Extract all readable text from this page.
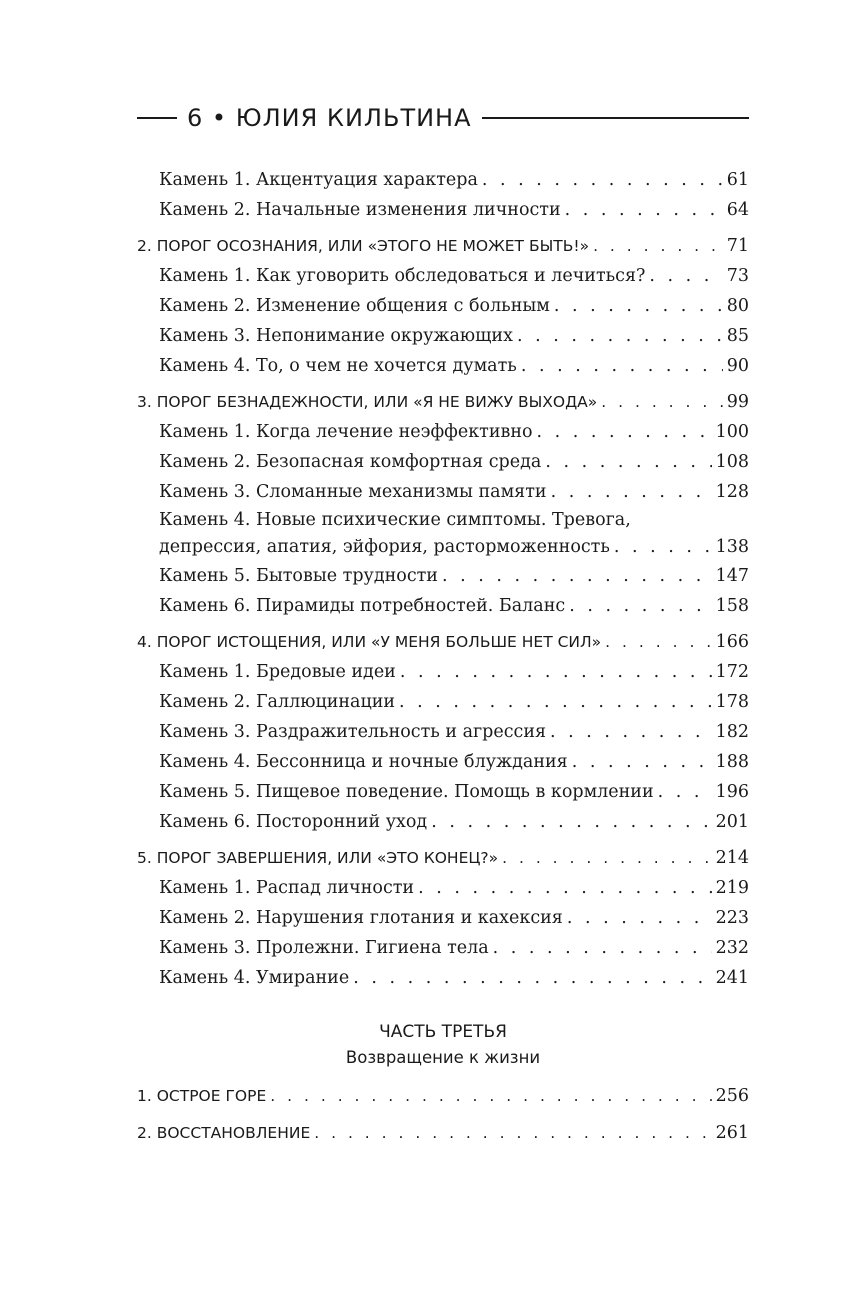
6 • ЮЛИЯ КИЛЬТИНА
Камень 1. Акцентуация характера . . .	61
Камень 2. Начальные изменения личности . . .	64
2. ПОРОГ ОСОЗНАНИЯ, ИЛИ «ЭТОГО НЕ МОЖЕТ БЫТЬ!» . . .	71
Камень 1. Как уговорить обследоваться и лечиться? . . .	73
Камень 2. Изменение общения с больным . . .	80
Камень 3. Непонимание окружающих . . .	85
Камень 4. То, о чем не хочется думать . . .	90
3. ПОРОГ БЕЗНАДЕЖНОСТИ, ИЛИ «Я НЕ ВИЖУ ВЫХОДА» . . .	99
Камень 1. Когда лечение неэффективно . . .	100
Камень 2. Безопасная комфортная среда . . .	108
Камень 3. Сломанные механизмы памяти . . .	128
Камень 4. Новые психические симптомы. Тревога,
депрессия, апатия, эйфория, расторможенность . . .	138
Камень 5. Бытовые трудности . . .	147
Камень 6. Пирамиды потребностей. Баланс . . .	158
4. ПОРОГ ИСТОЩЕНИЯ, ИЛИ «У МЕНЯ БОЛЬШЕ НЕТ СИЛ» . . .	166
Камень 1. Бредовые идеи . . .	172
Камень 2. Галлюцинации . . .	178
Камень 3. Раздражительность и агрессия . . .	182
Камень 4. Бессонница и ночные блуждания . . .	188
Камень 5. Пищевое поведение. Помощь в кормлении . . .	196
Камень 6. Посторонний уход . . .	201
5. ПОРОГ ЗАВЕРШЕНИЯ, ИЛИ «ЭТО КОНЕЦ?» . . .	214
Камень 1. Распад личности . . .	219
Камень 2. Нарушения глотания и кахексия . . .	223
Камень 3. Пролежни. Гигиена тела . . .	232
Камень 4. Умирание . . .	241
ЧАСТЬ ТРЕТЬЯ
Возвращение к жизни
1. ОСТРОЕ ГОРЕ . . .	256
2. ВОССТАНОВЛЕНИЕ . . .	261
